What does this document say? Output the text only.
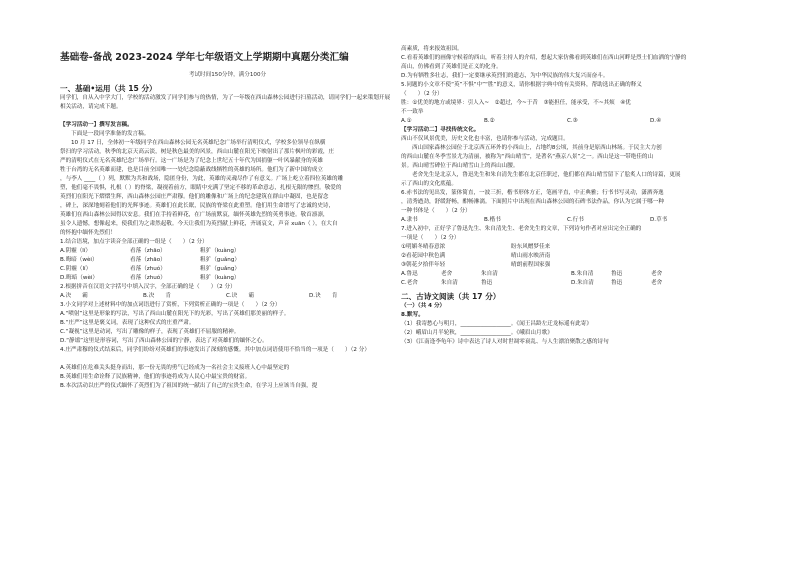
基础卷-备战 2023-2024 学年七年级语文上学期期中真题分类汇编
考试时间150分钟，满分100分
一、基础•运用（共 15 分）
同学们，自从入中学大门，学校的活动激发了同学们参与的热情，为了一年级在西山森林公园进行扫墓活动，请同学们一起来策划开展相关活动，请完成下题。
【学习活动一】撰写发言稿。
下面是一段同学准备的发言稿。
10 月 17 日，全体初一年级同学在西山森林公园无名英雄纪念广场举行清明仪式，学校多位领导在纵横
祭扫的学习活动，秋季的北京天高云淡，树是秋色最美的风景，西山山麓在阳光下映射出了那片枫叶的彩霞，庄
严的清明仪式在无名英雄纪念广场举行。这一广场是为了纪念上世纪五十年代为国捐躯一叶风暴献身的英雄
牲于台湾的无名英雄而建，也是目前全国唯一一处纪念隐蔽战线牺牲的英雄的场所。他们为了新中国的成立
，与李人 ____（ ）列，默默为共和战场，隐匿身份，为此，英雄的灵魂尽作了有意义。广场上屹立着四位英雄的雕
塑，他们毫不畏惧，扎根（ ）的脊梁，凝视着前方，眼睛中充满了坚定不移的革命意志，扎根无限的惨烈。敬爱的
英烈们在阳光下熠熠生辉，西山森林公园庄严肃穆。他们的雕像和广场上的纪念建筑在群山中凝固，也是留念
，碑上，深深地刻着他们的光辉事迹。英雄们在此长眠，民族的脊梁在此重塑。他们用生命谱写了忠诚的史诗，
英雄们在西山森林公园得以安息。我们在手持着鲜花，在广场前默哀，缅怀英雄先烈的英勇事迹。敬首凛凛，
虽令人遗憾，想像起来，使我们为之肃然起敬。今天让我们为英烈献上鲜花，齐诵哀文，声音 xuān（ ），在大自
的怀抱中缅怀先烈们！
1.结合语境，加点字读音全部正确的一组是（　　）（2 分）
A.阴霾（lí）	看落（zhāo）	粗犷（kuàng）
B.晦暗（wèi）	看落（zhāo）	粗犷（guǎng）
C.阴霾（lí）	看落（zhuó）	粗犷（guǎng）
D.晦暗（wèi）	看落（zhuó）	粗犷（kuàng）
2.根据拼音在汉语文字括号中填入汉字，全部正确的是（　　）（2 分）
A.决　　霸	B.决　　肯	C.诀　　霸	D.诀　　肯
3.小文同学对上述材料中的加点词语进行了赏析，下列赏析正确的一项是（　　）（2 分）
A.“喷射”这里是形象的写法，写出了西山山麓在阳光下的光彩，写出了英雄们那美丽的样子。
B.“庄严”这里是褒义词，表现了这种仪式的庄重严肃。
C.“凝视”这里是动词，写出了雕像的样子，表现了英雄们不屈服的精神。
D.“静谧”这里是形容词，写出了西山森林公园的宁静，表达了对英雄们的缅怀之心。
4.庄严肃穆的仪式结束后，同学们纷纷对英雄们的事迹发出了深刻的感慨。其中加点词语使用不恰当的一项是（　　）（2 分）
A.英雄们在危难关头挺身而出，那一份无畏的勇气已经成为一名社会主义接班人心中最坚定的
B.英雄们用生命诠释了民族精神，他们的事迹将成为人民心中最宝贵的财富。
B.本次活动以庄严的仪式缅怀了英烈们为了祖国的统一献出了自己的宝贵生命，在学习上应该当自强，提
高素质，将来报效祖国。
C.看着英雄们的画像守候着的西山，听着主持人的介绍，想起大家仿佛看到英雄们在西山河畔是烈士们血洒的宁静的
高山，仿佛看到了英雄们是正义的化身。
D.为有牺牲多壮志，我们一定要继承英烈们的遗志，为中华民族的伟大复兴而奋斗。
5.同题的小文章不使“英”不惧“中”“胜”的意义，请你根据字典中的有关资料，帮助选出正确的释义
（　　）（2 分）
胜：①优美的地方或境界：引人入~　②超过，今~于昔　③能担任，能承受，不~其烦　④优
不一致举
A.①	B.②	C.③	D.④
【学习活动二】寻找传统文化。
西山不仅风景优美，历史文化也丰富，也请你参与活动，完成题目。
西山国家森林公园位于北京西五环外的小西山上，占地约8公顷，其前身是原西山林场。于民主大力创
的西山山麓在冬季雪景尤为清丽，被称为“西山晴雪”，是著名“燕京八景”之一。西山是这一带绝佳的山
景。西山晴雪碑位于西山晴雪山上的西山山腰。
老舍先生是北京人，鲁迅先生和朱自清先生都在北京任职过，他们都在西山晴雪留下了脍炙人口的诗篇，更展
示了西山的文化底蕴。
6.赤书法的见出发，篆体简直，一波三折，楷书形体方正，笔画平直，中正典雅；行书书写灵动，潇洒奔逸
，清秀遒劲，舒缓舒畅，酣畅淋漓。下面照片中出现在西山森林公园的石碑书法作品，你认为它属于哪一种
一种书体是（　　）（2 分）
A.隶书	B.楷书	C.行书	D.草书
7.进入初中，正好学了鲁迅先生、朱自清先生、老舍先生的文章，下列诗句作者对应出完全正确的
一项是（　　）（2 分）
①明媚冬晴春意浓	盼东风赠梦佳来
②看花园中秋色满	晴山雨水映济南
③朝花夕拾伴年轻	晴朗前程国家强
A.鲁迅	老舍	朱自清	B.朱自清	鲁迅	老舍
C.老舍	朱自清	鲁迅	D.朱自清	鲁迅	老舍
二、古诗文阅读（共 17 分）
（一）（共 4 分）
8.默写。
（1）我寄愁心与明月，__________________。《闻王昌龄左迁龙标遥有此寄》
（2）峨眉山月半轮秋，__________________。《峨眉山月歌》
（3）《江南逢李龟年》诗中表达了诗人对时世凋零衰乱、与人生漂泊聚散之感的诗句
